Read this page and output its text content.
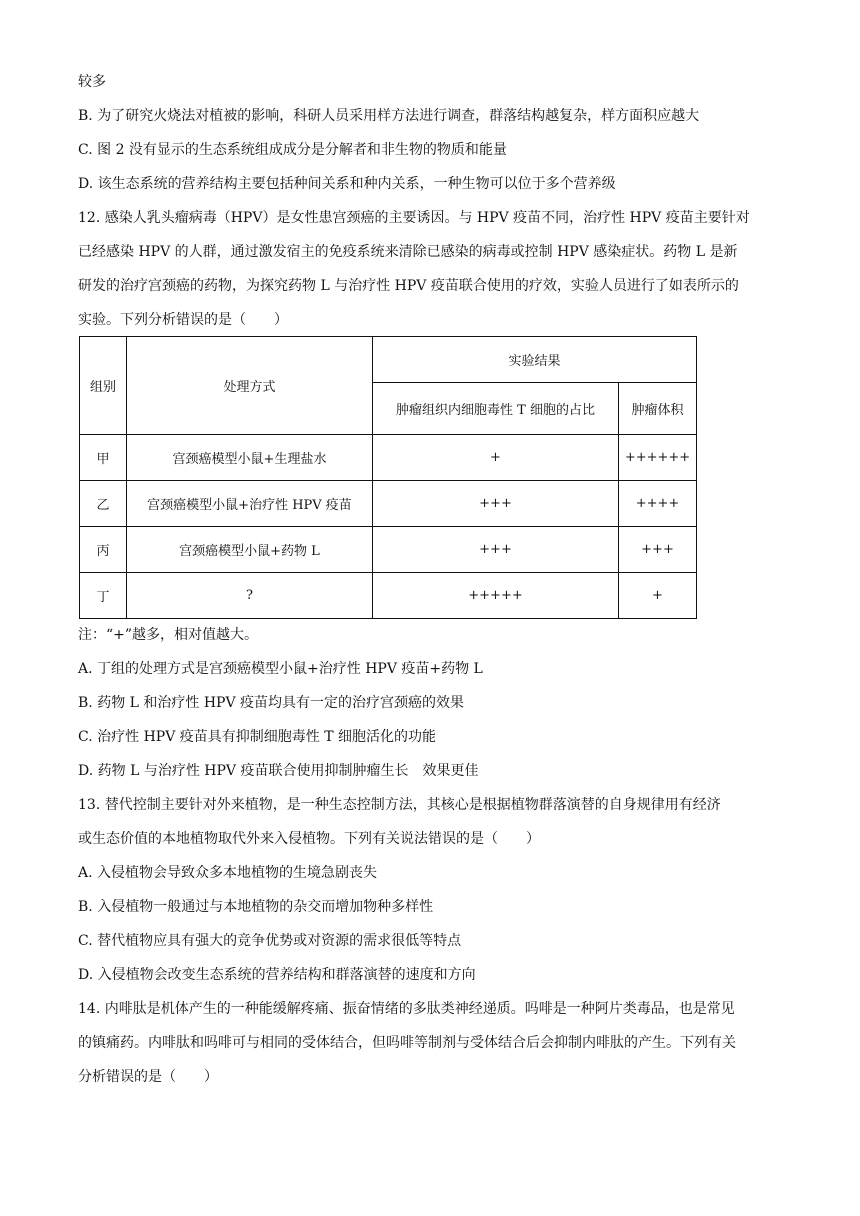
较多
B. 为了研究火烧法对植被的影响，科研人员采用样方法进行调查，群落结构越复杂，样方面积应越大
C. 图 2 没有显示的生态系统组成成分是分解者和非生物的物质和能量
D. 该生态系统的营养结构主要包括种间关系和种内关系，一种生物可以位于多个营养级
12. 感染人乳头瘤病毒（HPV）是女性患宫颈癌的主要诱因。与 HPV 疫苗不同，治疗性 HPV 疫苗主要针对
已经感染 HPV 的人群，通过激发宿主的免疫系统来清除已感染的病毒或控制 HPV 感染症状。药物 L 是新
研发的治疗宫颈癌的药物，为探究药物 L 与治疗性 HPV 疫苗联合使用的疗效，实验人员进行了如表所示的
实验。下列分析错误的是（　　）
组别	处理方式	实验结果	
		肿瘤组织内细胞毒性 T 细胞的占比	肿瘤体积
甲	宫颈癌模型小鼠+生理盐水	+	++++++
乙	宫颈癌模型小鼠+治疗性 HPV 疫苗	+++	++++
丙	宫颈癌模型小鼠+药物 L	+++	+++
丁	?	+++++	+
注：“+”越多，相对值越大。
A. 丁组的处理方式是宫颈癌模型小鼠+治疗性 HPV 疫苗+药物 L
B. 药物 L 和治疗性 HPV 疫苗均具有一定的治疗宫颈癌的效果
C. 治疗性 HPV 疫苗具有抑制细胞毒性 T 细胞活化的功能
D. 药物 L 与治疗性 HPV 疫苗联合使用抑制肿瘤生长　效果更佳
13. 替代控制主要针对外来植物，是一种生态控制方法，其核心是根据植物群落演替的自身规律用有经济
或生态价值的本地植物取代外来入侵植物。下列有关说法错误的是（　　）
A. 入侵植物会导致众多本地植物的生境急剧丧失
B. 入侵植物一般通过与本地植物的杂交而增加物种多样性
C. 替代植物应具有强大的竞争优势或对资源的需求很低等特点
D. 入侵植物会改变生态系统的营养结构和群落演替的速度和方向
14. 内啡肽是机体产生的一种能缓解疼痛、振奋情绪的多肽类神经递质。吗啡是一种阿片类毒品，也是常见
的镇痛药。内啡肽和吗啡可与相同的受体结合，但吗啡等制剂与受体结合后会抑制内啡肽的产生。下列有关
分析错误的是（　　）
